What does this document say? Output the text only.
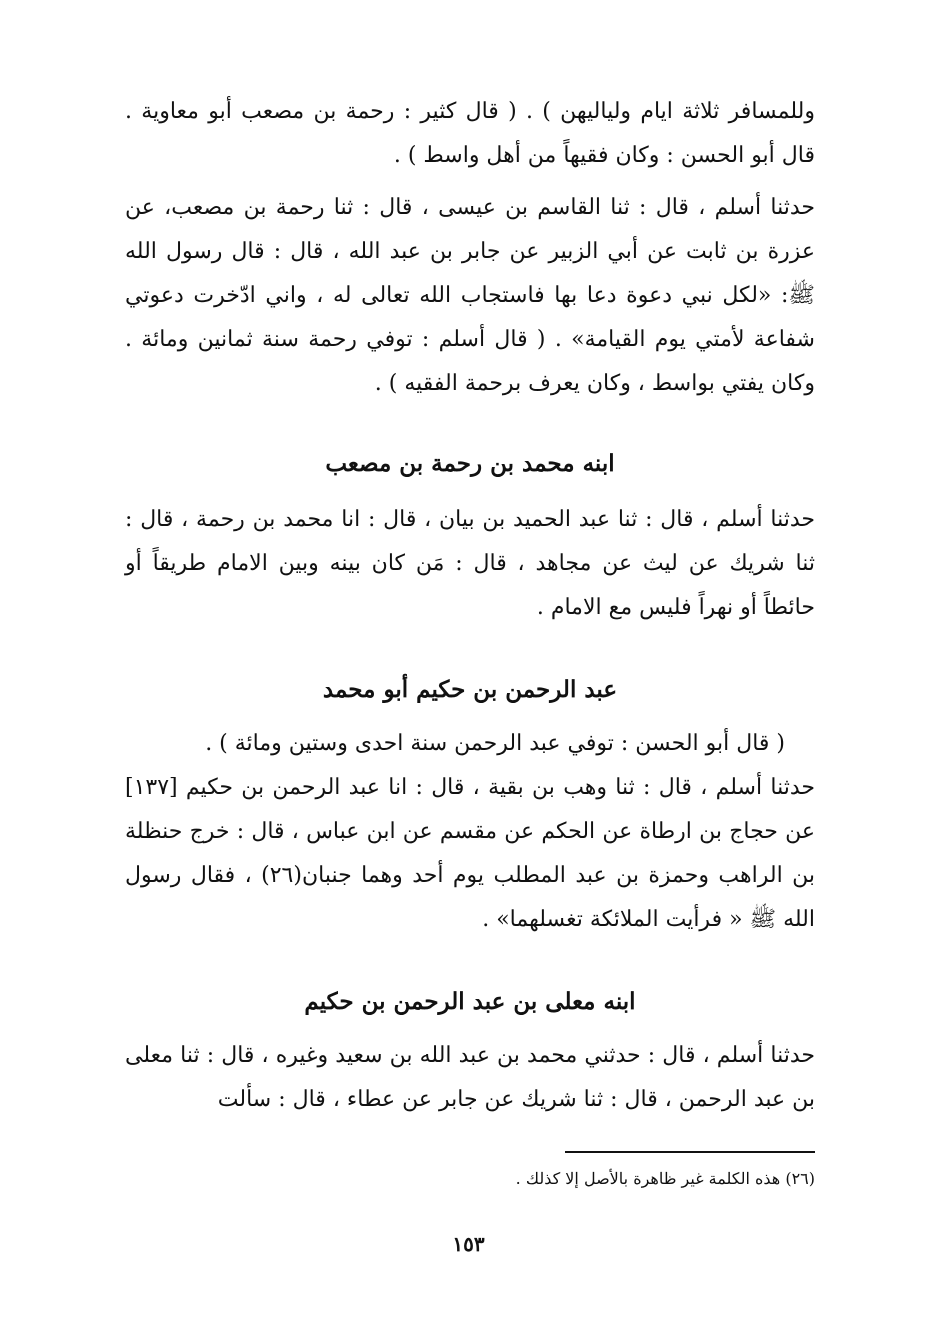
وللمسافر ثلاثة ايام ولياليهن ) . ( قال كثير : رحمة بن مصعب أبو معاوية . قال أبو الحسن : وكان فقيهاً من أهل واسط ) .

حدثنا أسلم ، قال : ثنا القاسم بن عيسى ، قال : ثنا رحمة بن مصعب، عن عزرة بن ثابت عن أبي الزبير عن جابر بن عبد الله ، قال : قال رسول الله ﷺ: «لكل نبي دعوة دعا بها فاستجاب الله تعالى له ، واني ادّخرت دعوتي شفاعة لأمتي يوم القيامة» . ( قال أسلم : توفي رحمة سنة ثمانين ومائة . وكان يفتي بواسط ، وكان يعرف برحمة الفقيه ) .

ابنه محمد بن رحمة بن مصعب

حدثنا أسلم ، قال : ثنا عبد الحميد بن بيان ، قال : انا محمد بن رحمة ، قال : ثنا شريك عن ليث عن مجاهد ، قال : مَن كان بينه وبين الامام طريقاً أو حائطاً أو نهراً فليس مع الامام .

عبد الرحمن بن حكيم أبو محمد

( قال أبو الحسن : توفي عبد الرحمن سنة احدى وستين ومائة ) .

حدثنا أسلم ، قال : ثنا وهب بن بقية ، قال : انا عبد الرحمن بن حكيم [١٣٧] عن حجاج بن ارطاة عن الحكم عن مقسم عن ابن عباس ، قال : خرج حنظلة بن الراهب وحمزة بن عبد المطلب يوم أحد وهما جنبان(٢٦) ، فقال رسول الله ﷺ « فرأيت الملائكة تغسلهما» .

ابنه معلى بن عبد الرحمن بن حكيم

حدثنا أسلم ، قال : حدثني محمد بن عبد الله بن سعيد وغيره ، قال : ثنا معلى بن عبد الرحمن ، قال : ثنا شريك عن جابر عن عطاء ، قال : سألت

(٢٦) هذه الكلمة غير ظاهرة بالأصل إلا كذلك .

١٥٣
